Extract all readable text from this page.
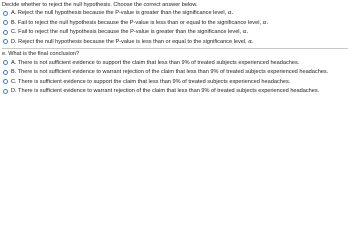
Decide whether to reject the null hypothesis. Choose the correct answer below.
A. Reject the null hypothesis because the P-value is greater than the significance level, α.
B. Fail to reject the null hypothesis because the P-value is less than or equal to the significance level, α.
C. Fail to reject the null hypothesis because the P-value is greater than the significance level, α.
D. Reject the null hypothesis because the P-value is less than or equal to the significance level, α.
e. What is the final conclusion?
A. There is not sufficient evidence to support the claim that less than 9% of treated subjects experienced headaches.
B. There is not sufficient evidence to warrant rejection of the claim that less than 9% of treated subjects experienced headaches.
C. There is sufficient evidence to support the claim that less than 9% of treated subjects experienced headaches.
D. There is sufficient evidence to warrant rejection of the claim that less than 9% of treated subjects experienced headaches.
